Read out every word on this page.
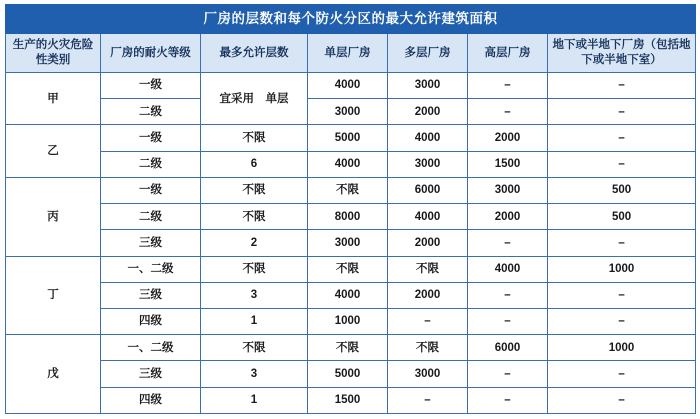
厂房的层数和每个防火分区的最大允许建筑面积						
生产的火灾危险性类别	厂房的耐火等级	最多允许层数	单层厂房	多层厂房	高层厂房	地下或半地下厂房（包括地下或半地下室）
甲	一级	宜采用　单层	4000	3000	–	–
	二级		3000	2000	–	–
乙	一级	不限	5000	4000	2000	–
	二级	6	4000	3000	1500	–
丙	一级	不限	不限	6000	3000	500
	二级	不限	8000	4000	2000	500
	三级	2	3000	2000	–	–
丁	一、二级	不限	不限	不限	4000	1000
	三级	3	4000	2000	–	–
	四级	1	1000	–	–	–
戊	一、二级	不限	不限	不限	6000	1000
	三级	3	5000	3000	–	–
	四级	1	1500	–	–	–
